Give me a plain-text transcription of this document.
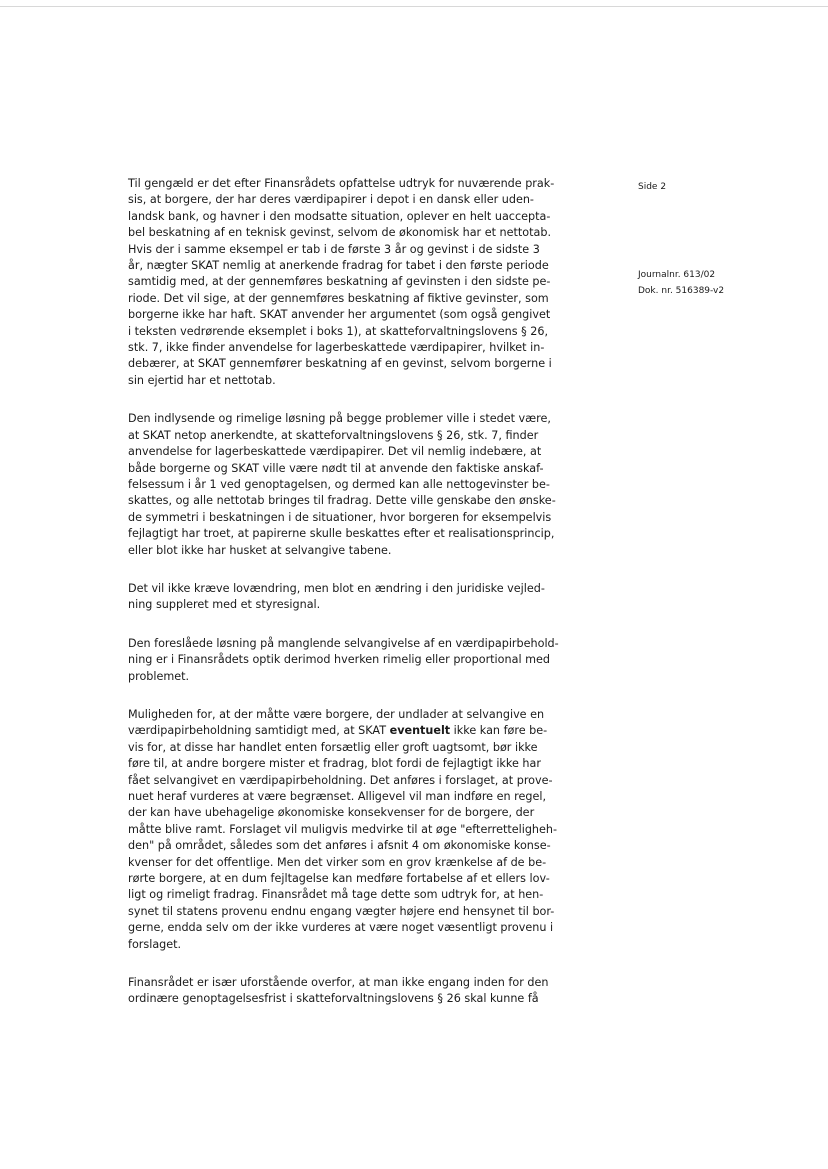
Side 2
Journalnr. 613/02
Dok. nr. 516389-v2

Til gengæld er det efter Finansrådets opfattelse udtryk for nuværende prak-
sis, at borgere, der har deres værdipapirer i depot i en dansk eller uden-
landsk bank, og havner i den modsatte situation, oplever en helt uaccepta-
bel beskatning af en teknisk gevinst, selvom de økonomisk har et nettotab.
Hvis der i samme eksempel er tab i de første 3 år og gevinst i de sidste 3
år, nægter SKAT nemlig at anerkende fradrag for tabet i den første periode
samtidig med, at der gennemføres beskatning af gevinsten i den sidste pe-
riode. Det vil sige, at der gennemføres beskatning af fiktive gevinster, som
borgerne ikke har haft. SKAT anvender her argumentet (som også gengivet
i teksten vedrørende eksemplet i boks 1), at skatteforvaltningslovens § 26,
stk. 7, ikke finder anvendelse for lagerbeskattede værdipapirer, hvilket in-
debærer, at SKAT gennemfører beskatning af en gevinst, selvom borgerne i
sin ejertid har et nettotab.

Den indlysende og rimelige løsning på begge problemer ville i stedet være,
at SKAT netop anerkendte, at skatteforvaltningslovens § 26, stk. 7, finder
anvendelse for lagerbeskattede værdipapirer. Det vil nemlig indebære, at
både borgerne og SKAT ville være nødt til at anvende den faktiske anskaf-
felsessum i år 1 ved genoptagelsen, og dermed kan alle nettogevinster be-
skattes, og alle nettotab bringes til fradrag. Dette ville genskabe den ønske-
de symmetri i beskatningen i de situationer, hvor borgeren for eksempelvis
fejlagtigt har troet, at papirerne skulle beskattes efter et realisationsprincip,
eller blot ikke har husket at selvangive tabene.

Det vil ikke kræve lovændring, men blot en ændring i den juridiske vejled-
ning suppleret med et styresignal.

Den foreslåede løsning på manglende selvangivelse af en værdipapirbehold-
ning er i Finansrådets optik derimod hverken rimelig eller proportional med
problemet.

Muligheden for, at der måtte være borgere, der undlader at selvangive en
værdipapirbeholdning samtidigt med, at SKAT eventuelt ikke kan føre be-
vis for, at disse har handlet enten forsætlig eller groft uagtsomt, bør ikke
føre til, at andre borgere mister et fradrag, blot fordi de fejlagtigt ikke har
fået selvangivet en værdipapirbeholdning. Det anføres i forslaget, at prove-
nuet heraf vurderes at være begrænset. Alligevel vil man indføre en regel,
der kan have ubehagelige økonomiske konsekvenser for de borgere, der
måtte blive ramt. Forslaget vil muligvis medvirke til at øge "efterretteligheh-
den" på området, således som det anføres i afsnit 4 om økonomiske konse-
kvenser for det offentlige. Men det virker som en grov krænkelse af de be-
rørte borgere, at en dum fejltagelse kan medføre fortabelse af et ellers lov-
ligt og rimeligt fradrag. Finansrådet må tage dette som udtryk for, at hen-
synet til statens provenu endnu engang vægter højere end hensynet til bor-
gerne, endda selv om der ikke vurderes at være noget væsentligt provenu i
forslaget.

Finansrådet er især uforstående overfor, at man ikke engang inden for den
ordinære genoptagelsesfrist i skatteforvaltningslovens § 26 skal kunne få
